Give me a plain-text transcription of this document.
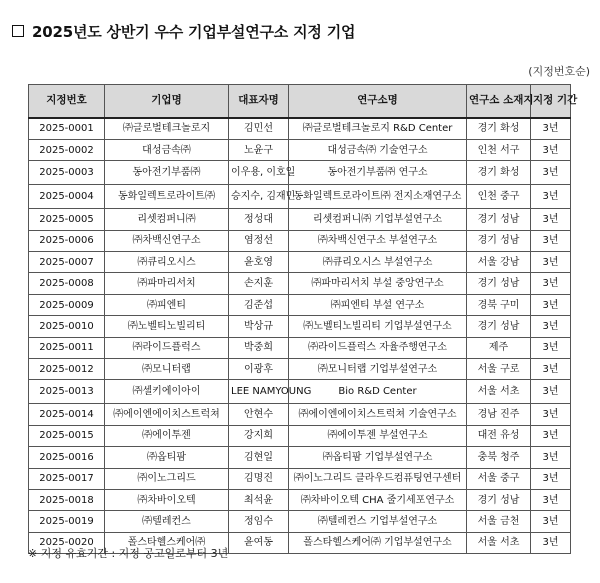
2025년도 상반기 우수 기업부설연구소 지정 기업
(지정번호순)
지정번호	기업명	대표자명	연구소명	연구소 소재지	지정 기간
2025-0001	㈜글로벌테크놀로지	김민선	㈜글로벌테크놀로지 R&D Center	경기 화성	3년
2025-0002	대성금속㈜	노윤구	대성금속㈜ 기술연구소	인천 서구	3년
2025-0003	동아전기부품㈜	이우용, 이호일	동아전기부품㈜ 연구소	경기 화성	3년
2025-0004	동화일렉트로라이트㈜	승지수, 김재민	동화일렉트로라이트㈜ 전지소재연구소	인천 중구	3년
2025-0005	리셋컴퍼니㈜	정성대	리셋컴퍼니㈜ 기업부설연구소	경기 성남	3년
2025-0006	㈜차백신연구소	염정선	㈜차백신연구소 부설연구소	경기 성남	3년
2025-0007	㈜큐리오시스	윤호영	㈜큐리오시스 부설연구소	서울 강남	3년
2025-0008	㈜파마리서치	손지훈	㈜파마리서치 부설 중앙연구소	경기 성남	3년
2025-0009	㈜피엔티	김준섭	㈜피엔티 부설 연구소	경북 구미	3년
2025-0010	㈜노벨티노빌리티	박상규	㈜노벨티노빌리티 기업부설연구소	경기 성남	3년
2025-0011	㈜라이드플럭스	박중희	㈜라이드플럭스 자율주행연구소	제주	3년
2025-0012	㈜모니터랩	이광후	㈜모니터랩 기업부설연구소	서울 구로	3년
2025-0013	㈜셀키에이아이	LEE NAMYOUNG	Bio R&D Center	서울 서초	3년
2025-0014	㈜에이엔에이치스트럭쳐	안현수	㈜에이엔에이치스트럭쳐 기술연구소	경남 진주	3년
2025-0015	㈜에이투젠	강지희	㈜에이투젠 부설연구소	대전 유성	3년
2025-0016	㈜옵티팜	김현일	㈜옵티팜 기업부설연구소	충북 청주	3년
2025-0017	㈜이노그리드	김명진	㈜이노그리드 클라우드컴퓨팅연구센터	서울 중구	3년
2025-0018	㈜차바이오텍	최석윤	㈜차바이오텍 CHA 줄기세포연구소	경기 성남	3년
2025-0019	㈜텔레컨스	정임수	㈜텔레컨스 기업부설연구소	서울 금천	3년
2025-0020	폴스타헬스케어㈜	윤여동	폴스타헬스케어㈜ 기업부설연구소	서울 서초	3년
※ 지정 유효기간 : 지정 공고일로부터 3년
